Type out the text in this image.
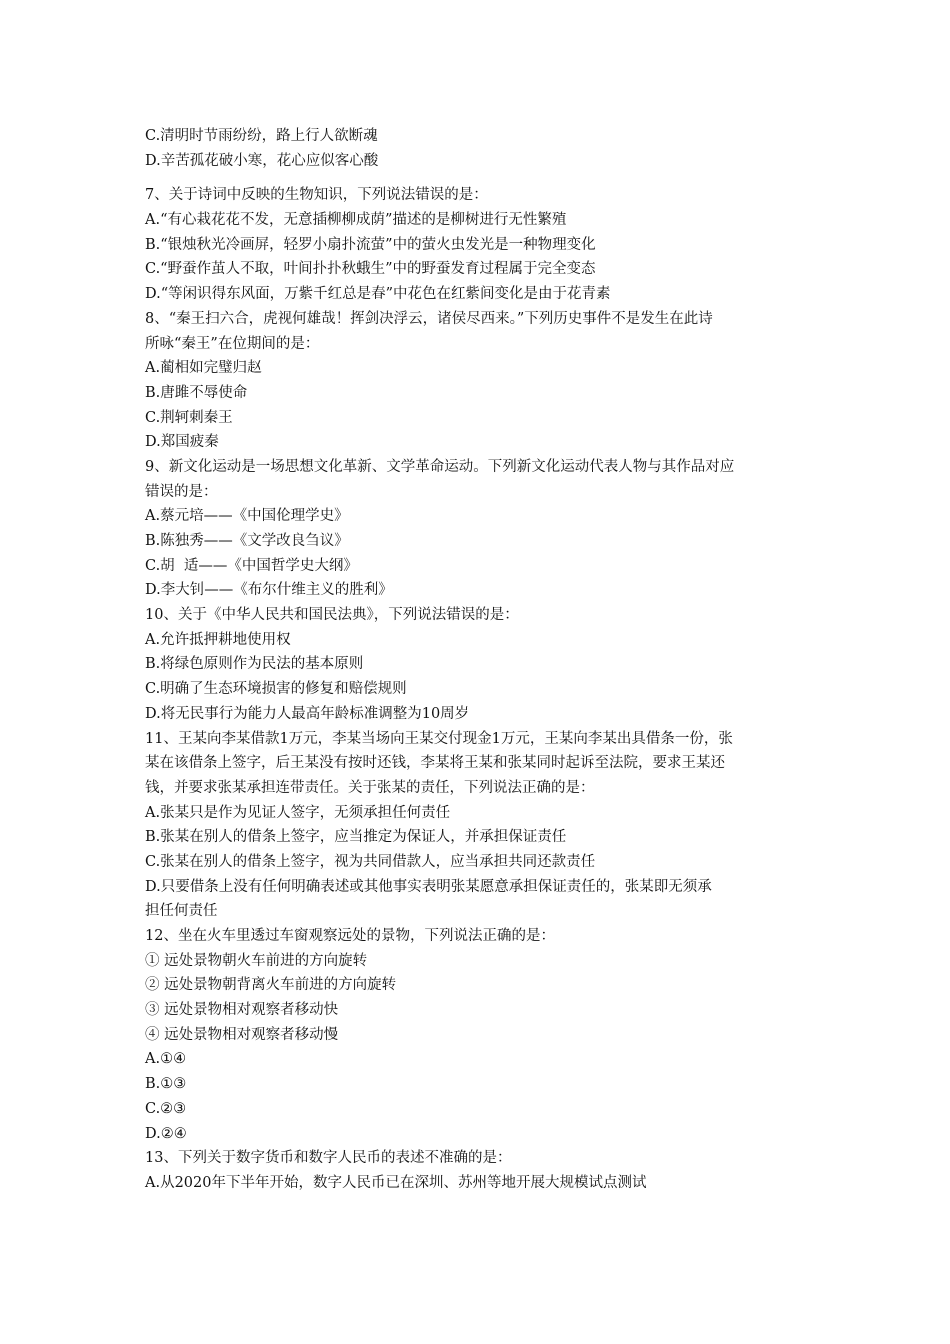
C.清明时节雨纷纷，路上行人欲断魂
D.辛苦孤花破小寒，花心应似客心酸
7、关于诗词中反映的生物知识，下列说法错误的是：
A.“有心栽花花不发，无意插柳柳成荫”描述的是柳树进行无性繁殖
B.“银烛秋光冷画屏，轻罗小扇扑流萤”中的萤火虫发光是一种物理变化
C.“野蚕作茧人不取，叶间扑扑秋蛾生”中的野蚕发育过程属于完全变态
D.“等闲识得东风面，万紫千红总是春”中花色在红紫间变化是由于花青素
8、“秦王扫六合，虎视何雄哉！挥剑决浮云，诸侯尽西来。”下列历史事件不是发生在此诗
所咏“秦王”在位期间的是：
A.蔺相如完璧归赵
B.唐雎不辱使命
C.荆轲刺秦王
D.郑国疲秦
9、新文化运动是一场思想文化革新、文学革命运动。下列新文化运动代表人物与其作品对应
错误的是：
A.蔡元培——《中国伦理学史》
B.陈独秀——《文学改良刍议》
C.胡  适——《中国哲学史大纲》
D.李大钊——《布尔什维主义的胜利》
10、关于《中华人民共和国民法典》，下列说法错误的是：
A.允许抵押耕地使用权
B.将绿色原则作为民法的基本原则
C.明确了生态环境损害的修复和赔偿规则
D.将无民事行为能力人最高年龄标准调整为10周岁
11、王某向李某借款1万元，李某当场向王某交付现金1万元，王某向李某出具借条一份，张
某在该借条上签字，后王某没有按时还钱，李某将王某和张某同时起诉至法院，要求王某还
钱，并要求张某承担连带责任。关于张某的责任，下列说法正确的是：
A.张某只是作为见证人签字，无须承担任何责任
B.张某在别人的借条上签字，应当推定为保证人，并承担保证责任
C.张某在别人的借条上签字，视为共同借款人，应当承担共同还款责任
D.只要借条上没有任何明确表述或其他事实表明张某愿意承担保证责任的，张某即无须承
担任何责任
12、坐在火车里透过车窗观察远处的景物，下列说法正确的是：
① 远处景物朝火车前进的方向旋转
② 远处景物朝背离火车前进的方向旋转
③ 远处景物相对观察者移动快
④ 远处景物相对观察者移动慢
A.①④
B.①③
C.②③
D.②④
13、下列关于数字货币和数字人民币的表述不准确的是：
A.从2020年下半年开始，数字人民币已在深圳、苏州等地开展大规模试点测试
